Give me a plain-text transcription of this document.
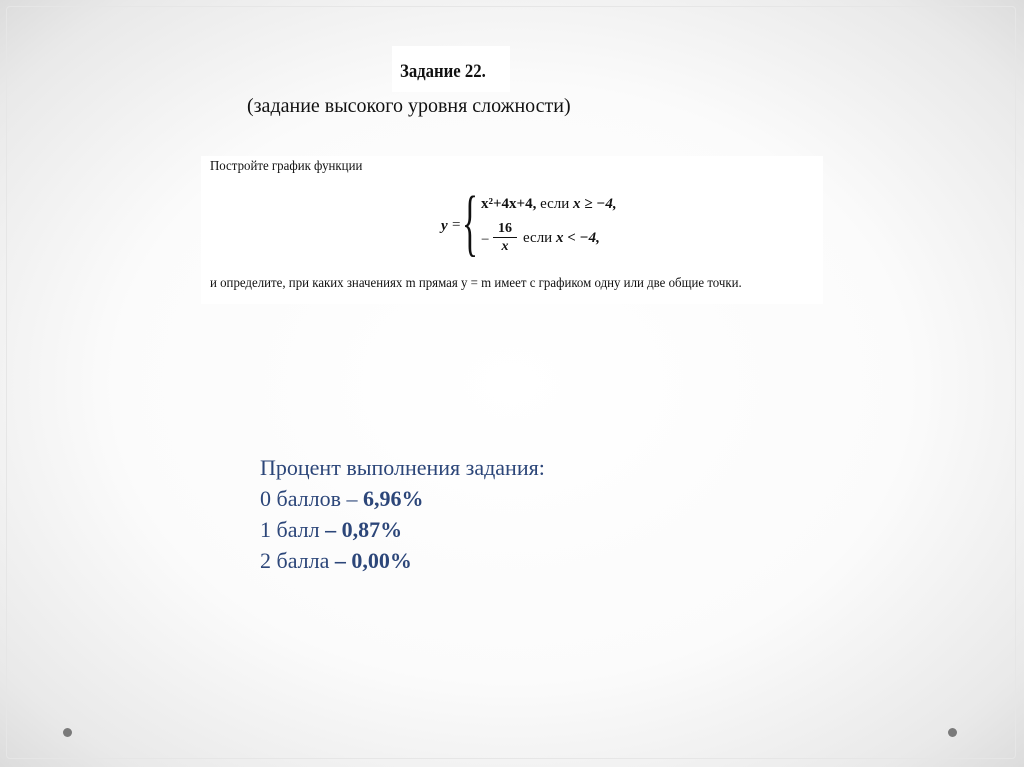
Задание 22.
(задание высокого уровня сложности)
Постройте график функции
y = { x²+4x+4, если x ≥ −4,
− $\frac{16}{x}$ если x < −4,
и определите, при каких значениях m прямая y = m имеет с графиком одну или две общие точки.
Процент выполнения задания:
0 баллов – 6,96%
1 балл – 0,87%
2 балла – 0,00%
